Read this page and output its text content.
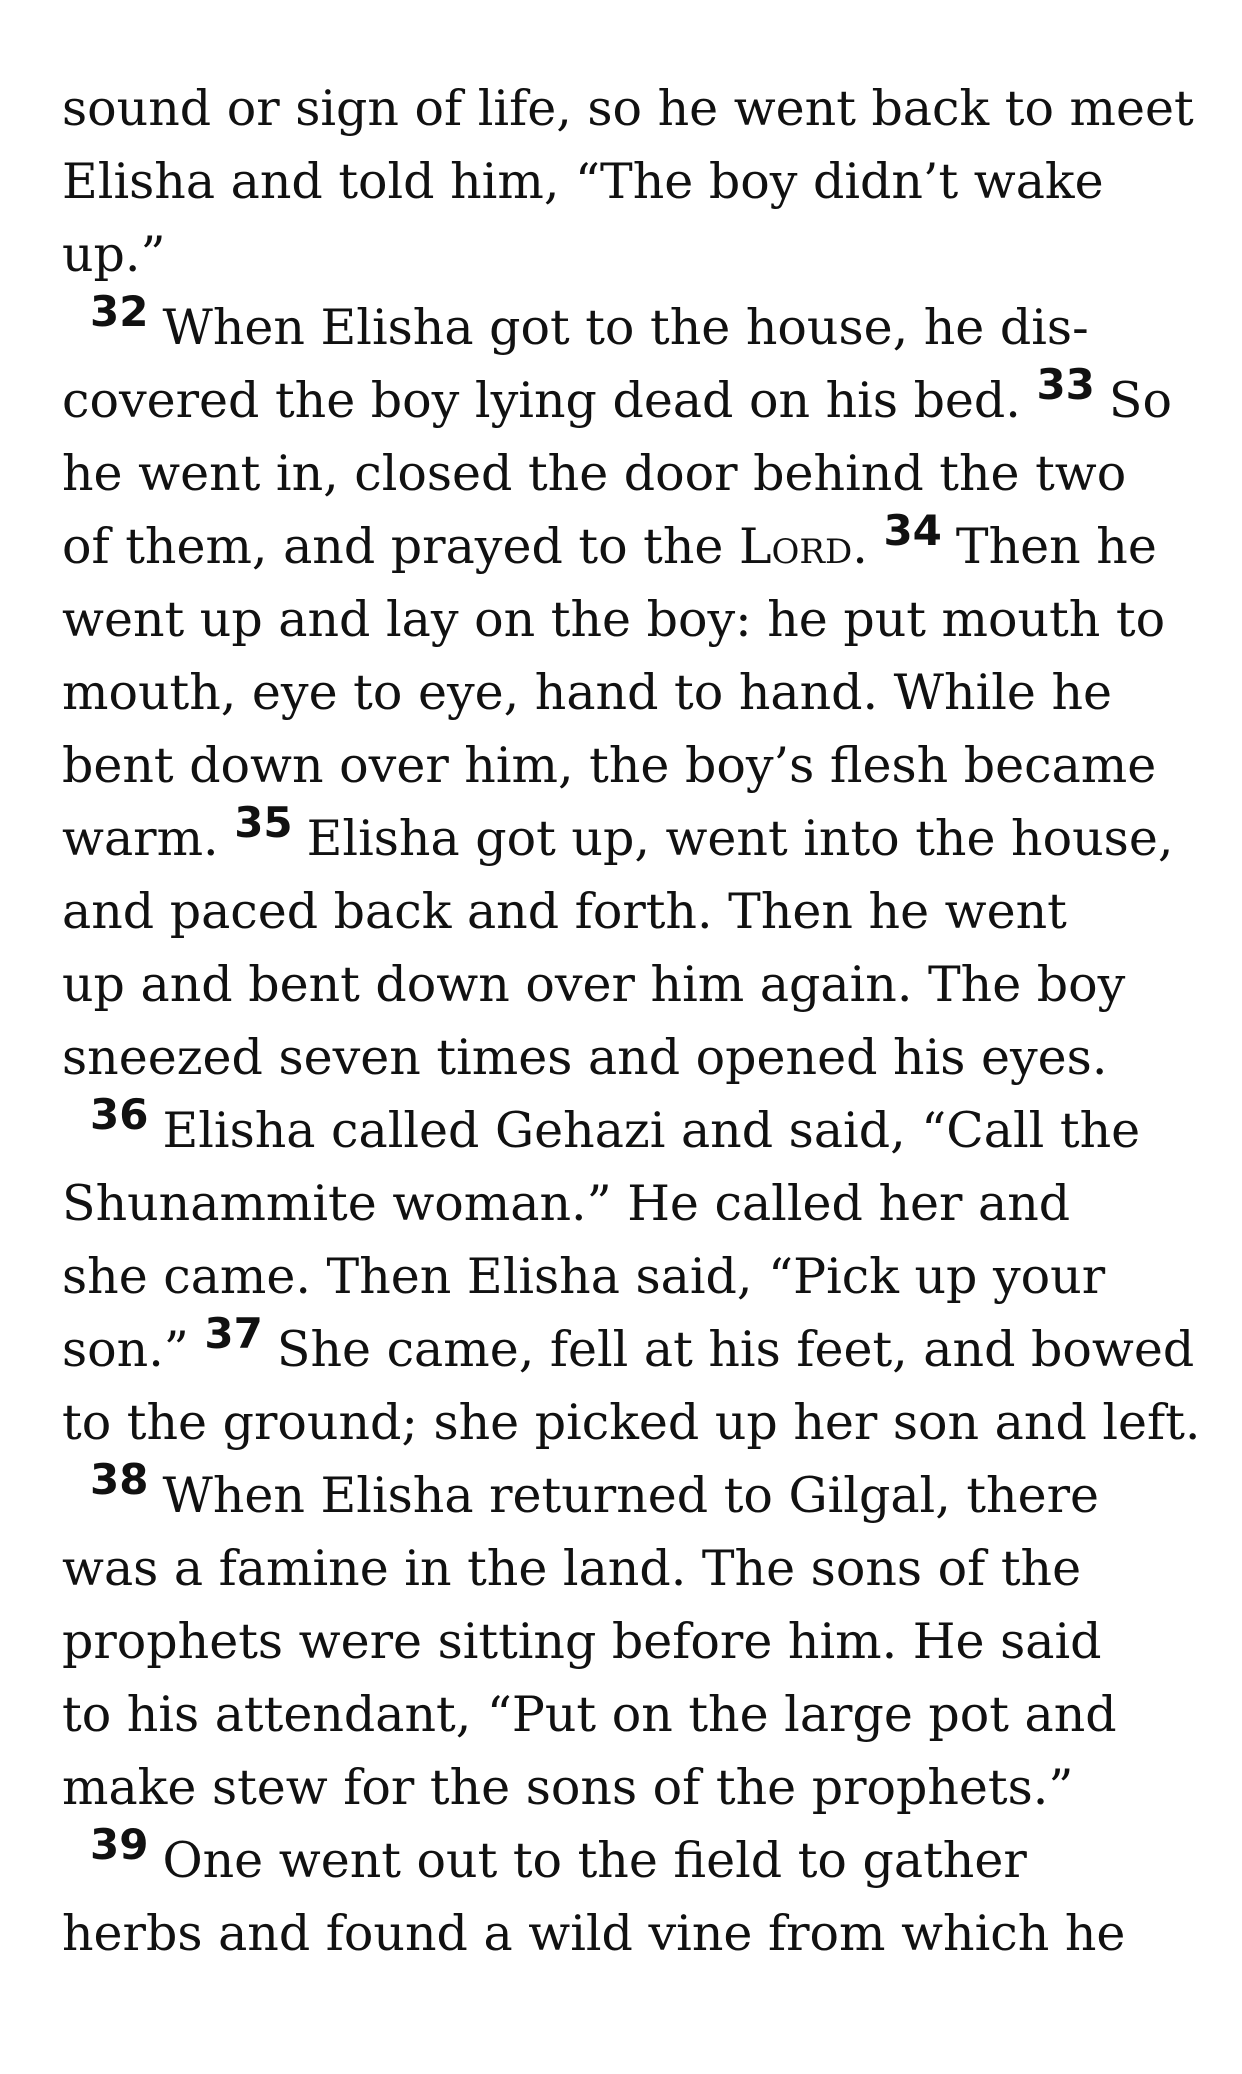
sound or sign of life, so he went back to meet
Elisha and told him, “The boy didn’t wake
up.”
32 When Elisha got to the house, he dis-
covered the boy lying dead on his bed. 33 So
he went in, closed the door behind the two
of them, and prayed to the Lord. 34 Then he
went up and lay on the boy: he put mouth to
mouth, eye to eye, hand to hand. While he
bent down over him, the boy’s flesh became
warm. 35 Elisha got up, went into the house,
and paced back and forth. Then he went
up and bent down over him again. The boy
sneezed seven times and opened his eyes.
36 Elisha called Gehazi and said, “Call the
Shunammite woman.” He called her and
she came. Then Elisha said, “Pick up your
son.” 37 She came, fell at his feet, and bowed
to the ground; she picked up her son and left.
38 When Elisha returned to Gilgal, there
was a famine in the land. The sons of the
prophets were sitting before him. He said
to his attendant, “Put on the large pot and
make stew for the sons of the prophets.”
39 One went out to the field to gather
herbs and found a wild vine from which he
